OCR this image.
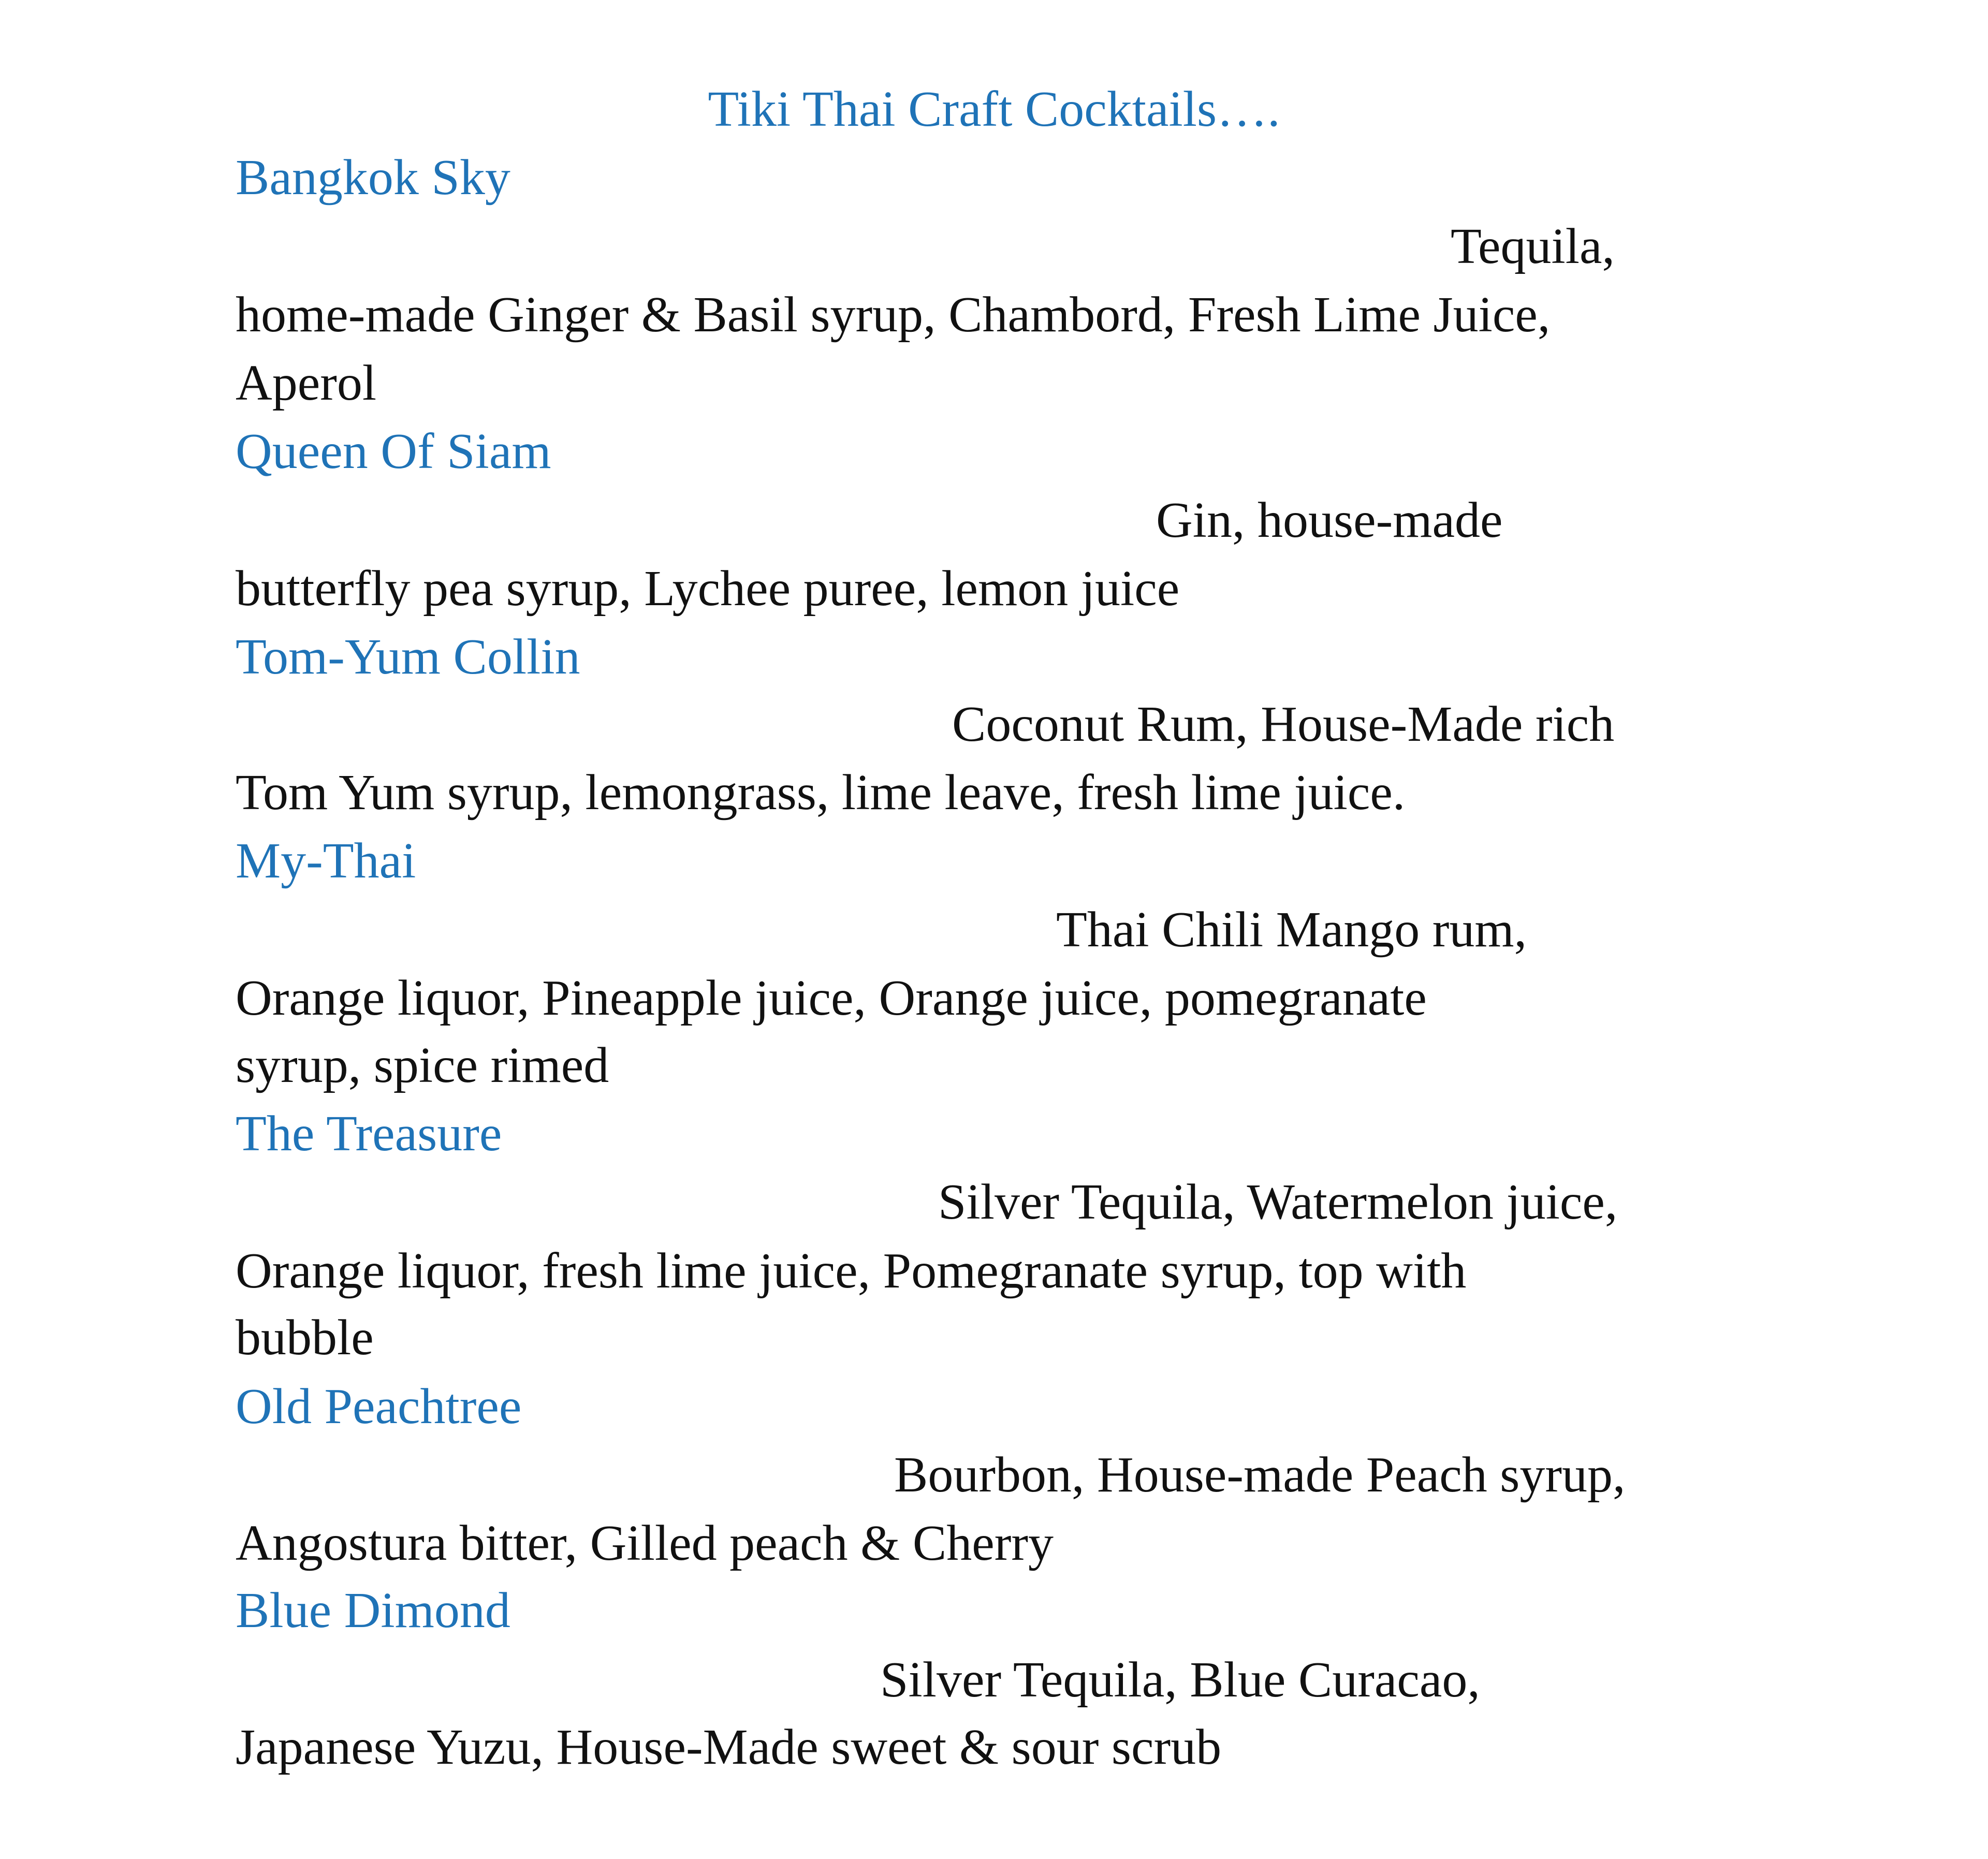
Tiki Thai Craft Cocktails….
Bangkok Sky
Tequila,
home-made Ginger & Basil syrup, Chambord, Fresh Lime Juice,
Aperol
Queen Of Siam
Gin, house-made
butterfly pea syrup, Lychee puree, lemon juice
Tom-Yum Collin
Coconut Rum, House-Made rich
Tom Yum syrup, lemongrass, lime leave, fresh lime juice.
My-Thai
Thai Chili Mango rum,
Orange liquor, Pineapple juice, Orange juice, pomegranate
syrup, spice rimed
The Treasure
Silver Tequila, Watermelon juice,
Orange liquor, fresh lime juice, Pomegranate syrup, top with
bubble
Old Peachtree
Bourbon, House-made Peach syrup,
Angostura bitter, Gilled peach & Cherry
Blue Dimond
Silver Tequila, Blue Curacao,
Japanese Yuzu, House-Made sweet & sour scrub
